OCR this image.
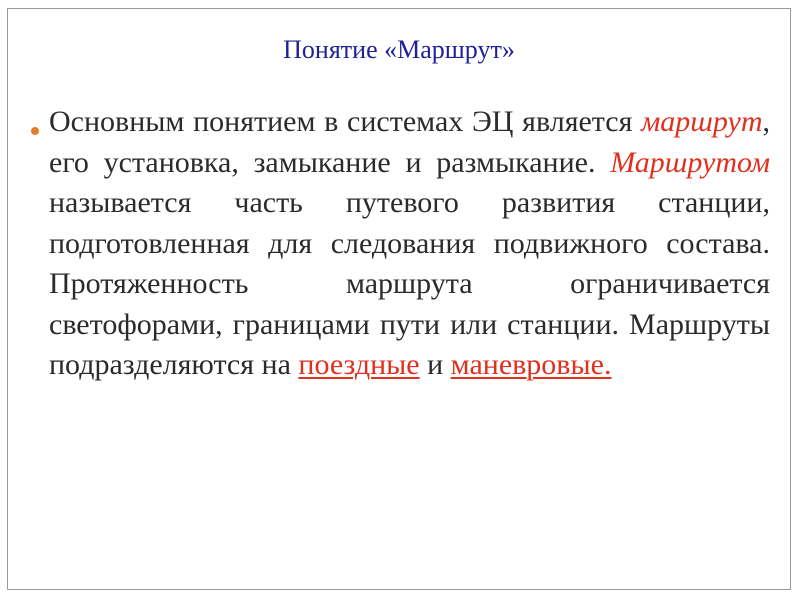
Понятие «Маршрут»
Основным понятием в системах ЭЦ является маршрут, его установка, замыкание и размыкание. Маршрутом называется часть путевого развития станции, подготовленная для следования подвижного состава. Протяженность маршрута ограничивается светофорами, границами пути или станции. Маршруты подразделяются на поездные и маневровые.
